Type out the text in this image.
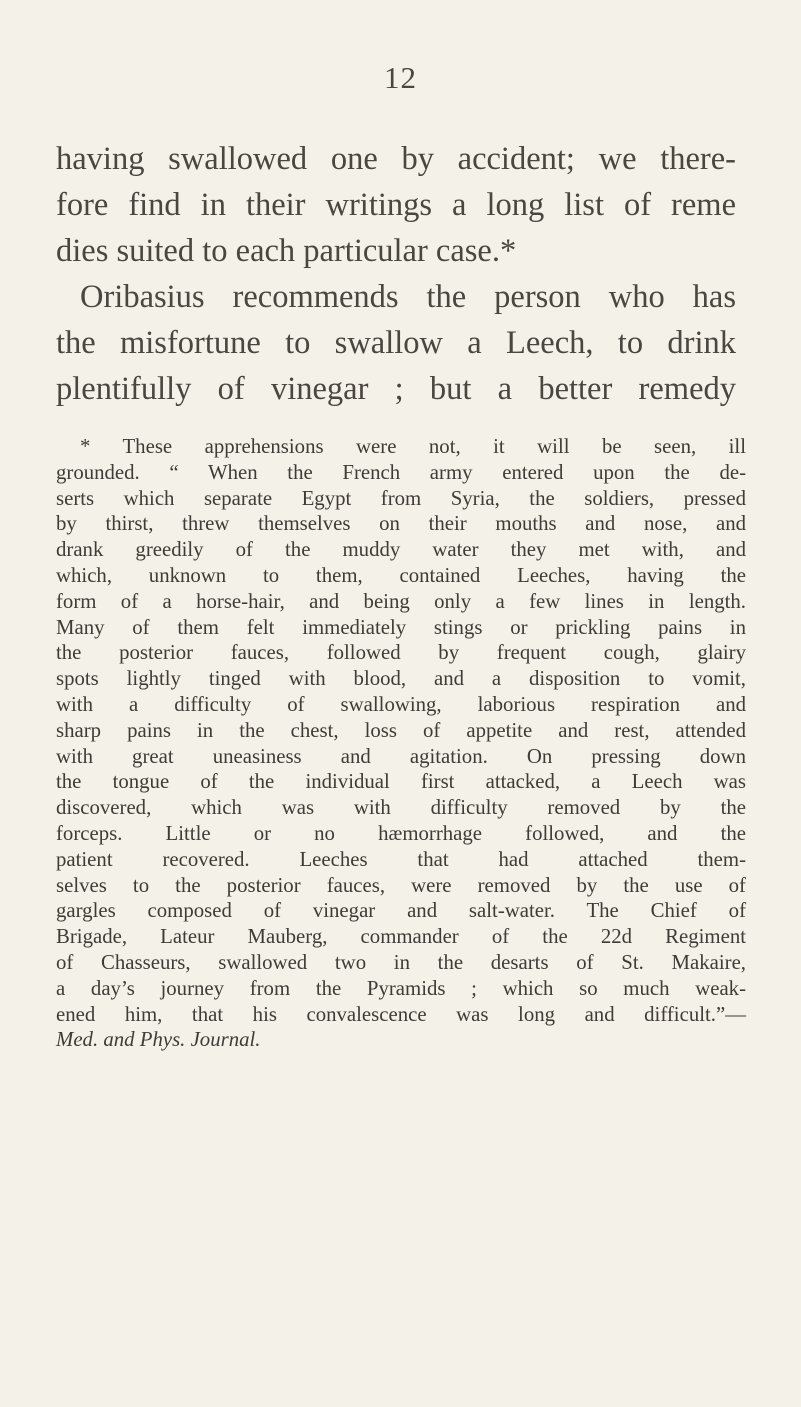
12

having swallowed one by accident; we there-
fore find in their writings a long list of reme
dies suited to each particular case.*
Oribasius recommends the person who has
the misfortune to swallow a Leech, to drink
plentifully of vinegar ; but a better remedy

* These apprehensions were not, it will be seen, ill
grounded. “ When the French army entered upon the de-
serts which separate Egypt from Syria, the soldiers, pressed
by thirst, threw themselves on their mouths and nose, and
drank greedily of the muddy water they met with, and
which, unknown to them, contained Leeches, having the
form of a horse-hair, and being only a few lines in length.
Many of them felt immediately stings or prickling pains in
the posterior fauces, followed by frequent cough, glairy
spots lightly tinged with blood, and a disposition to vomit,
with a difficulty of swallowing, laborious respiration and
sharp pains in the chest, loss of appetite and rest, attended
with great uneasiness and agitation. On pressing down
the tongue of the individual first attacked, a Leech was
discovered, which was with difficulty removed by the
forceps. Little or no hæmorrhage followed, and the
patient recovered. Leeches that had attached them-
selves to the posterior fauces, were removed by the use of
gargles composed of vinegar and salt-water. The Chief of
Brigade, Lateur Mauberg, commander of the 22d Regiment
of Chasseurs, swallowed two in the desarts of St. Makaire,
a day’s journey from the Pyramids ; which so much weak-
ened him, that his convalescence was long and difficult.”—
Med. and Phys. Journal.
